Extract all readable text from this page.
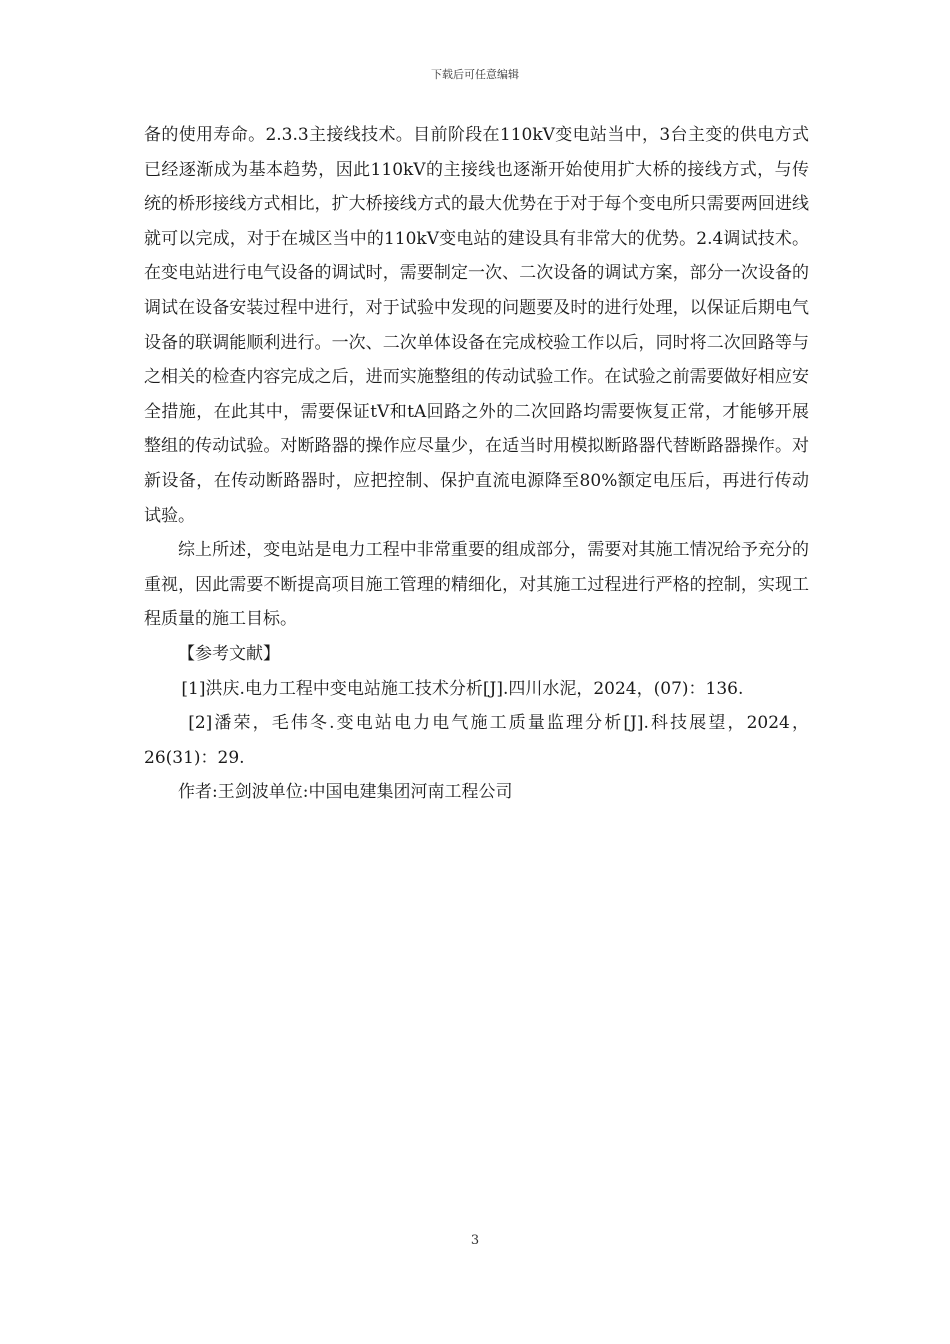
下载后可任意编辑

备的使用寿命。2.3.3主接线技术。目前阶段在110kV变电站当中，3台主变的供电方式已经逐渐成为基本趋势，因此110kV的主接线也逐渐开始使用扩大桥的接线方式，与传统的桥形接线方式相比，扩大桥接线方式的最大优势在于对于每个变电所只需要两回进线就可以完成，对于在城区当中的110kV变电站的建设具有非常大的优势。2.4调试技术。在变电站进行电气设备的调试时，需要制定一次、二次设备的调试方案，部分一次设备的调试在设备安装过程中进行，对于试验中发现的问题要及时的进行处理，以保证后期电气设备的联调能顺利进行。一次、二次单体设备在完成校验工作以后，同时将二次回路等与之相关的检查内容完成之后，进而实施整组的传动试验工作。在试验之前需要做好相应安全措施，在此其中，需要保证tV和tA回路之外的二次回路均需要恢复正常，才能够开展整组的传动试验。对断路器的操作应尽量少，在适当时用模拟断路器代替断路器操作。对新设备，在传动断路器时，应把控制、保护直流电源降至80%额定电压后，再进行传动试验。

综上所述，变电站是电力工程中非常重要的组成部分，需要对其施工情况给予充分的重视，因此需要不断提高项目施工管理的精细化，对其施工过程进行严格的控制，实现工程质量的施工目标。

【参考文献】

[1]洪庆.电力工程中变电站施工技术分析[J].四川水泥，2024，(07)：136.

[2]潘荣，毛伟冬.变电站电力电气施工质量监理分析[J].科技展望，2024，26(31)：29.

作者:王剑波单位:中国电建集团河南工程公司

3
